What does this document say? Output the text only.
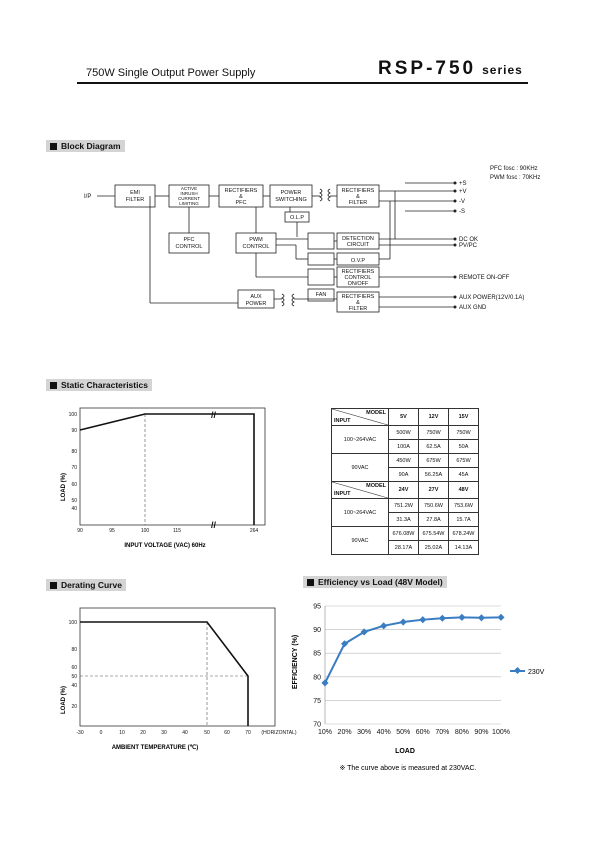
750W Single Output Power Supply	RSP-750 series
Block Diagram
EMI
FILTER
ACTIVE
INRUSH
CURRENT
LIMITING
RECTIFIERS
&
PFC
POWER
SWITCHING
RECTIFIERS
&
FILTER
O.L.P
PFC
CONTROL
PWM
CONTROL
DETECTION
CIRCUIT
O.V.P
RECTIFIERS
CONTROL
ON/OFF
FAN
AUX
POWER
RECTIFIERS
&
FILTER
I/P
PFC fosc : 90KHz
PWM fosc : 70KHz
+S
+V
-V
-S
DC OK
PV/PC
REMOTE ON-OFF
AUX POWER(12V/0.1A)
AUX GND
Static Characteristics
//
//
100
90
80
70
60
50
40
90	95	100	115	264
INPUT VOLTAGE (VAC) 60Hz
LOAD (%)
MODEL
INPUT	5V	12V	15V
100~264VAC	500W	750W	750W
	100A	62.5A	50A
90VAC	450W	675W	675W
	90A	56.25A	45A

MODEL
INPUT	24V	27V	48V
100~264VAC	751.2W	750.6W	753.6W
	31.3A	27.8A	15.7A
90VAC	676.08W	675.54W	678.24W
	28.17A	25.02A	14.13A
Derating Curve
100
80
60
50
40
20
-30	0	10	20	30	40	50	60	70 (HORIZONTAL)
AMBIENT TEMPERATURE (℃)
LOAD (%)
Efficiency vs Load (48V Model)
95
90
85
80
75
70
10% 20% 30% 40% 50% 60% 70% 80% 90% 100%
230V
LOAD
EFFICIENCY (%)
※ The curve above is measured at 230VAC.
